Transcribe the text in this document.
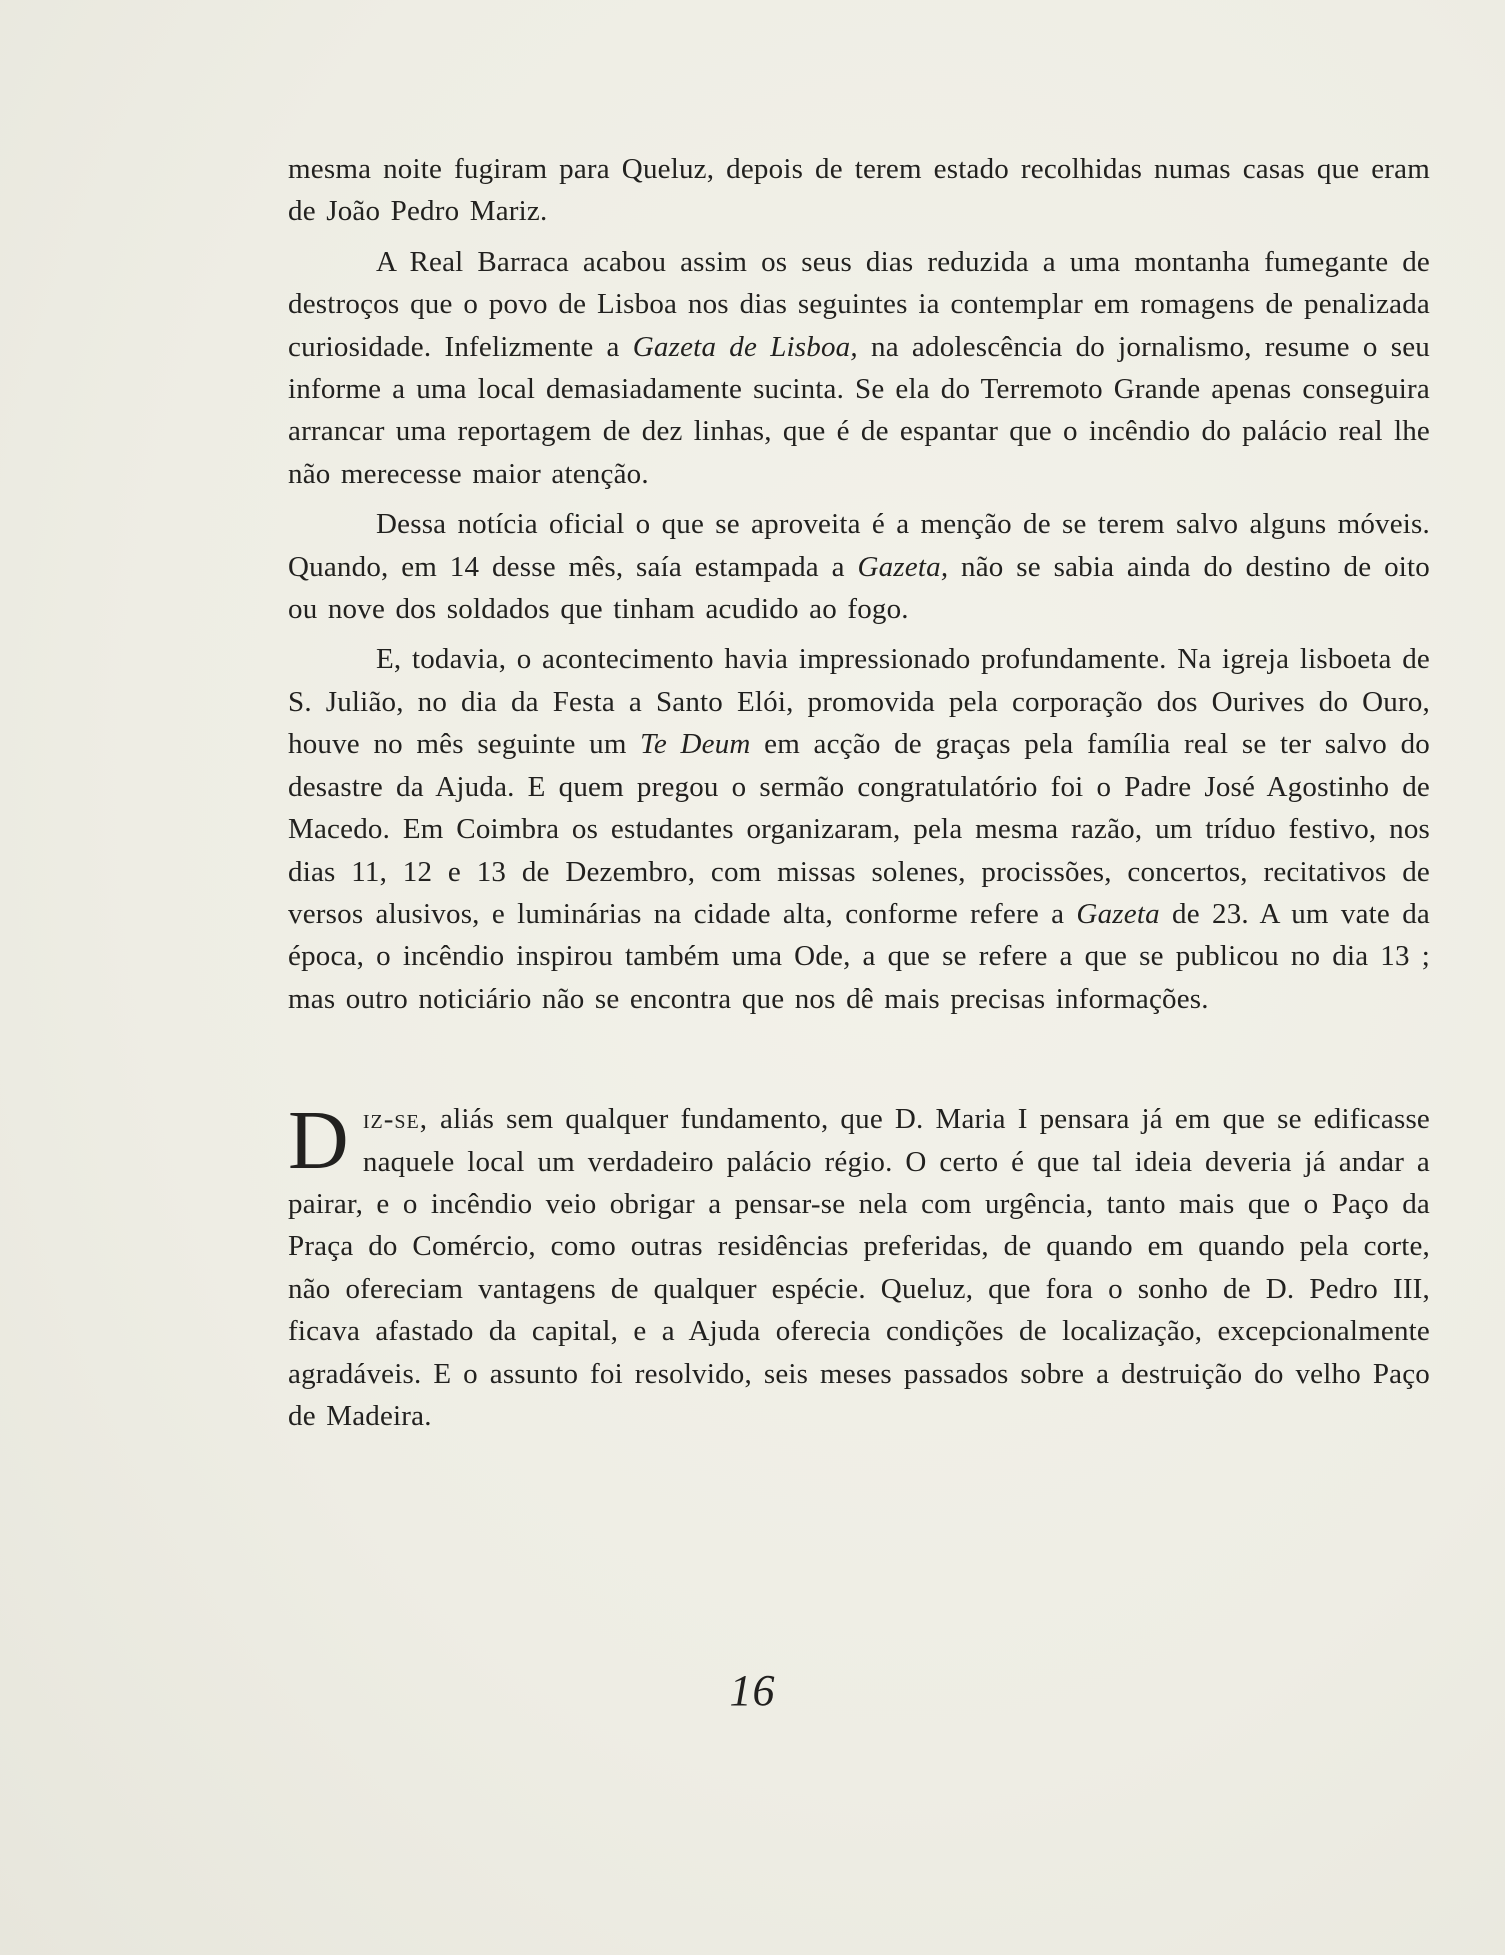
mesma noite fugiram para Queluz, depois de terem estado recolhidas numas casas que eram de João Pedro Mariz.

A Real Barraca acabou assim os seus dias reduzida a uma montanha fumegante de destroços que o povo de Lisboa nos dias seguintes ia contemplar em romagens de penalizada curiosidade. Infelizmente a Gazeta de Lisboa, na adolescência do jornalismo, resume o seu informe a uma local demasiadamente sucinta. Se ela do Terremoto Grande apenas conseguira arrancar uma reportagem de dez linhas, que é de espantar que o incêndio do palácio real lhe não merecesse maior atenção.

Dessa notícia oficial o que se aproveita é a menção de se terem salvo alguns móveis. Quando, em 14 desse mês, saía estampada a Gazeta, não se sabia ainda do destino de oito ou nove dos soldados que tinham acudido ao fogo.

E, todavia, o acontecimento havia impressionado profundamente. Na igreja lisboeta de S. Julião, no dia da Festa a Santo Elói, promovida pela corporação dos Ourives do Ouro, houve no mês seguinte um Te Deum em acção de graças pela família real se ter salvo do desastre da Ajuda. E quem pregou o sermão congratulatório foi o Padre José Agostinho de Macedo. Em Coimbra os estudantes organizaram, pela mesma razão, um tríduo festivo, nos dias 11, 12 e 13 de Dezembro, com missas solenes, procissões, concertos, recitativos de versos alusivos, e luminárias na cidade alta, conforme refere a Gazeta de 23. A um vate da época, o incêndio inspirou também uma Ode, a que se refere a que se publicou no dia 13 ; mas outro noticiário não se encontra que nos dê mais precisas informações.

Diz-se, aliás sem qualquer fundamento, que D. Maria I pensara já em que se edificasse naquele local um verdadeiro palácio régio. O certo é que tal ideia deveria já andar a pairar, e o incêndio veio obrigar a pensar-se nela com urgência, tanto mais que o Paço da Praça do Comércio, como outras residências preferidas, de quando em quando pela corte, não ofereciam vantagens de qualquer espécie. Queluz, que fora o sonho de D. Pedro III, ficava afastado da capital, e a Ajuda oferecia condições de localização, excepcionalmente agradáveis. E o assunto foi resolvido, seis meses passados sobre a destruição do velho Paço de Madeira.

16
